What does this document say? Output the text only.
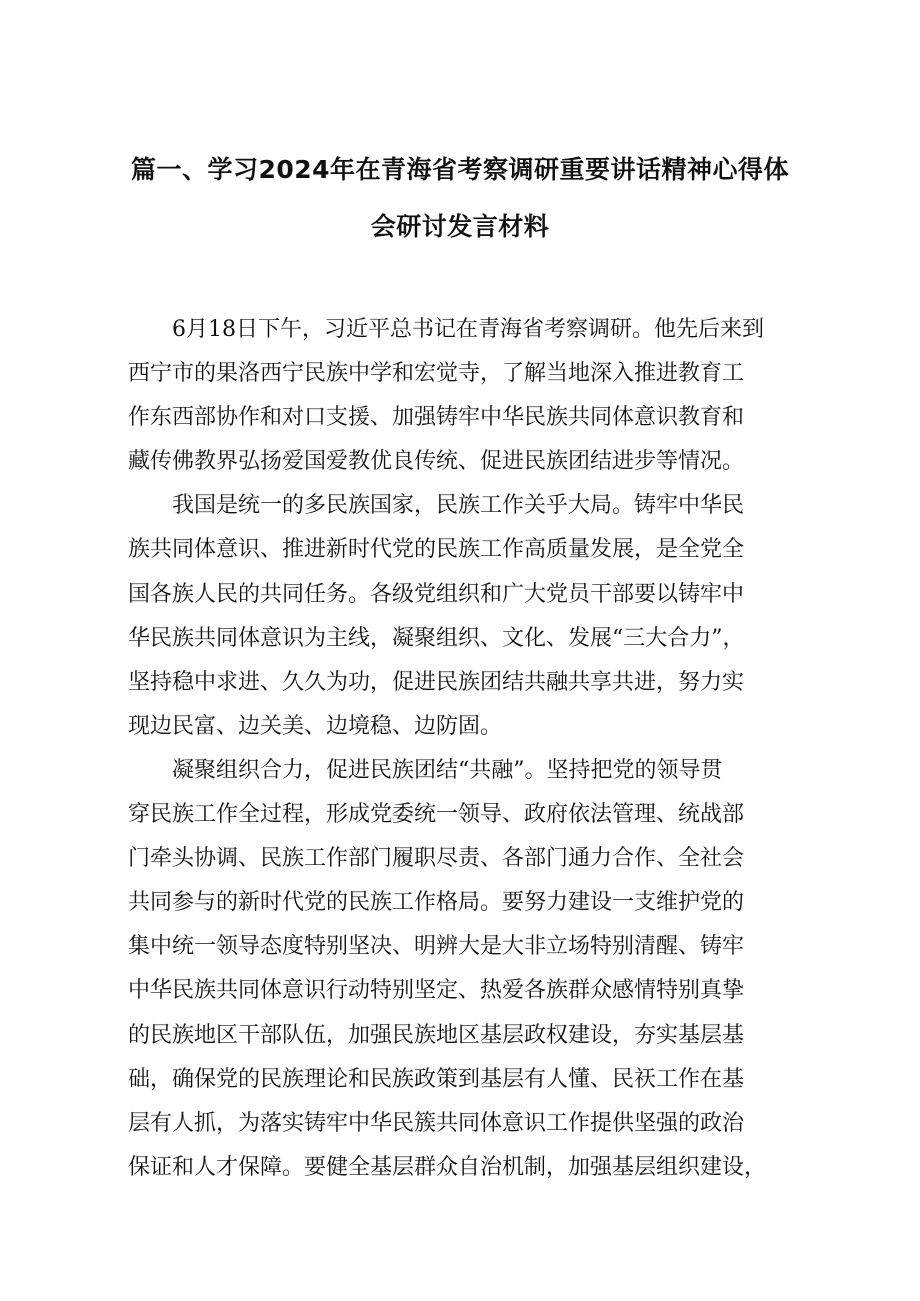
篇一、学习2024年在青海省考察调研重要讲话精神心得体
会研讨发言材料
6月18日下午，习近平总书记在青海省考察调研。他先后来到
西宁市的果洛西宁民族中学和宏觉寺，了解当地深入推进教育工
作东西部协作和对口支援、加强铸牢中华民族共同体意识教育和
藏传佛教界弘扬爱国爱教优良传统、促进民族团结进步等情况。
我国是统一的多民族国家，民族工作关乎大局。铸牢中华民
族共同体意识、推进新时代党的民族工作高质量发展，是全党全
国各族人民的共同任务。各级党组织和广大党员干部要以铸牢中
华民族共同体意识为主线，凝聚组织、文化、发展“三大合力”，
坚持稳中求进、久久为功，促进民族团结共融共享共进，努力实
现边民富、边关美、边境稳、边防固。
凝聚组织合力，促进民族团结“共融”。坚持把党的领导贯
穿民族工作全过程，形成党委统一领导、政府依法管理、统战部
门牵头协调、民族工作部门履职尽责、各部门通力合作、全社会
共同参与的新时代党的民族工作格局。要努力建设一支维护党的
集中统一领导态度特别坚决、明辨大是大非立场特别清醒、铸牢
中华民族共同体意识行动特别坚定、热爱各族群众感情特别真挚
的民族地区干部队伍，加强民族地区基层政权建设，夯实基层基
础，确保党的民族理论和民族政策到基层有人懂、民祆工作在基
层有人抓，为落实铸牢中华民簇共同体意识工作提供坚强的政治
保证和人才保障。要健全基层群众自治机制，加强基层组织建设，
